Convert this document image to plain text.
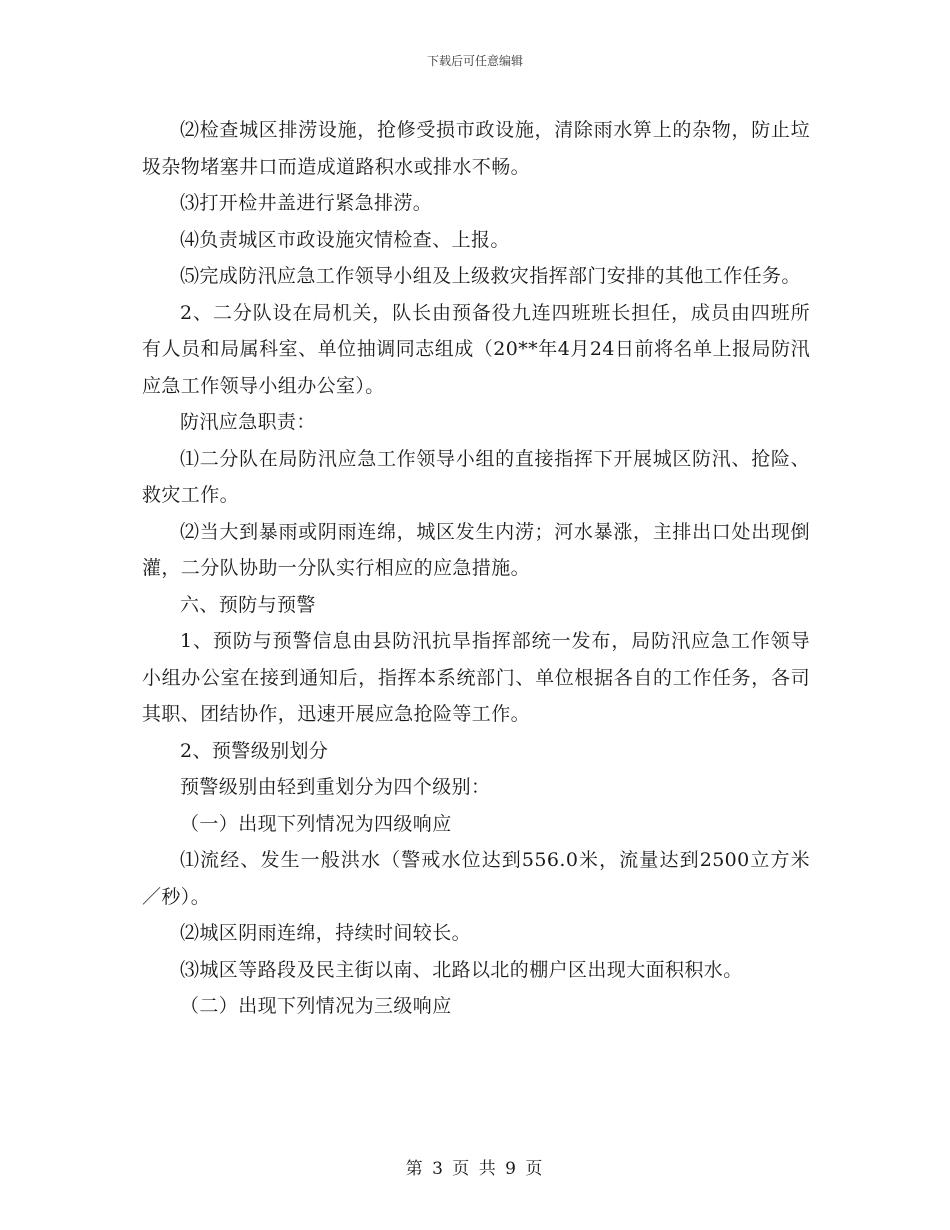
下载后可任意编辑

⑵检查城区排涝设施，抢修受损市政设施，清除雨水箅上的杂物，防止垃圾杂物堵塞井口而造成道路积水或排水不畅。

⑶打开检井盖进行紧急排涝。

⑷负责城区市政设施灾情检查、上报。

⑸完成防汛应急工作领导小组及上级救灾指挥部门安排的其他工作任务。

2、二分队设在局机关，队长由预备役九连四班班长担任，成员由四班所有人员和局属科室、单位抽调同志组成（20**年4月24日前将名单上报局防汛应急工作领导小组办公室）。

防汛应急职责：

⑴二分队在局防汛应急工作领导小组的直接指挥下开展城区防汛、抢险、救灾工作。

⑵当大到暴雨或阴雨连绵，城区发生内涝；河水暴涨，主排出口处出现倒灌，二分队协助一分队实行相应的应急措施。

六、预防与预警

1、预防与预警信息由县防汛抗旱指挥部统一发布，局防汛应急工作领导小组办公室在接到通知后，指挥本系统部门、单位根据各自的工作任务，各司其职、团结协作，迅速开展应急抢险等工作。

2、预警级别划分

预警级别由轻到重划分为四个级别：

（一）出现下列情况为四级响应

⑴流经、发生一般洪水（警戒水位达到556.0米，流量达到2500立方米／秒）。

⑵城区阴雨连绵，持续时间较长。

⑶城区等路段及民主街以南、北路以北的棚户区出现大面积积水。

（二）出现下列情况为三级响应

第 3 页 共 9 页
